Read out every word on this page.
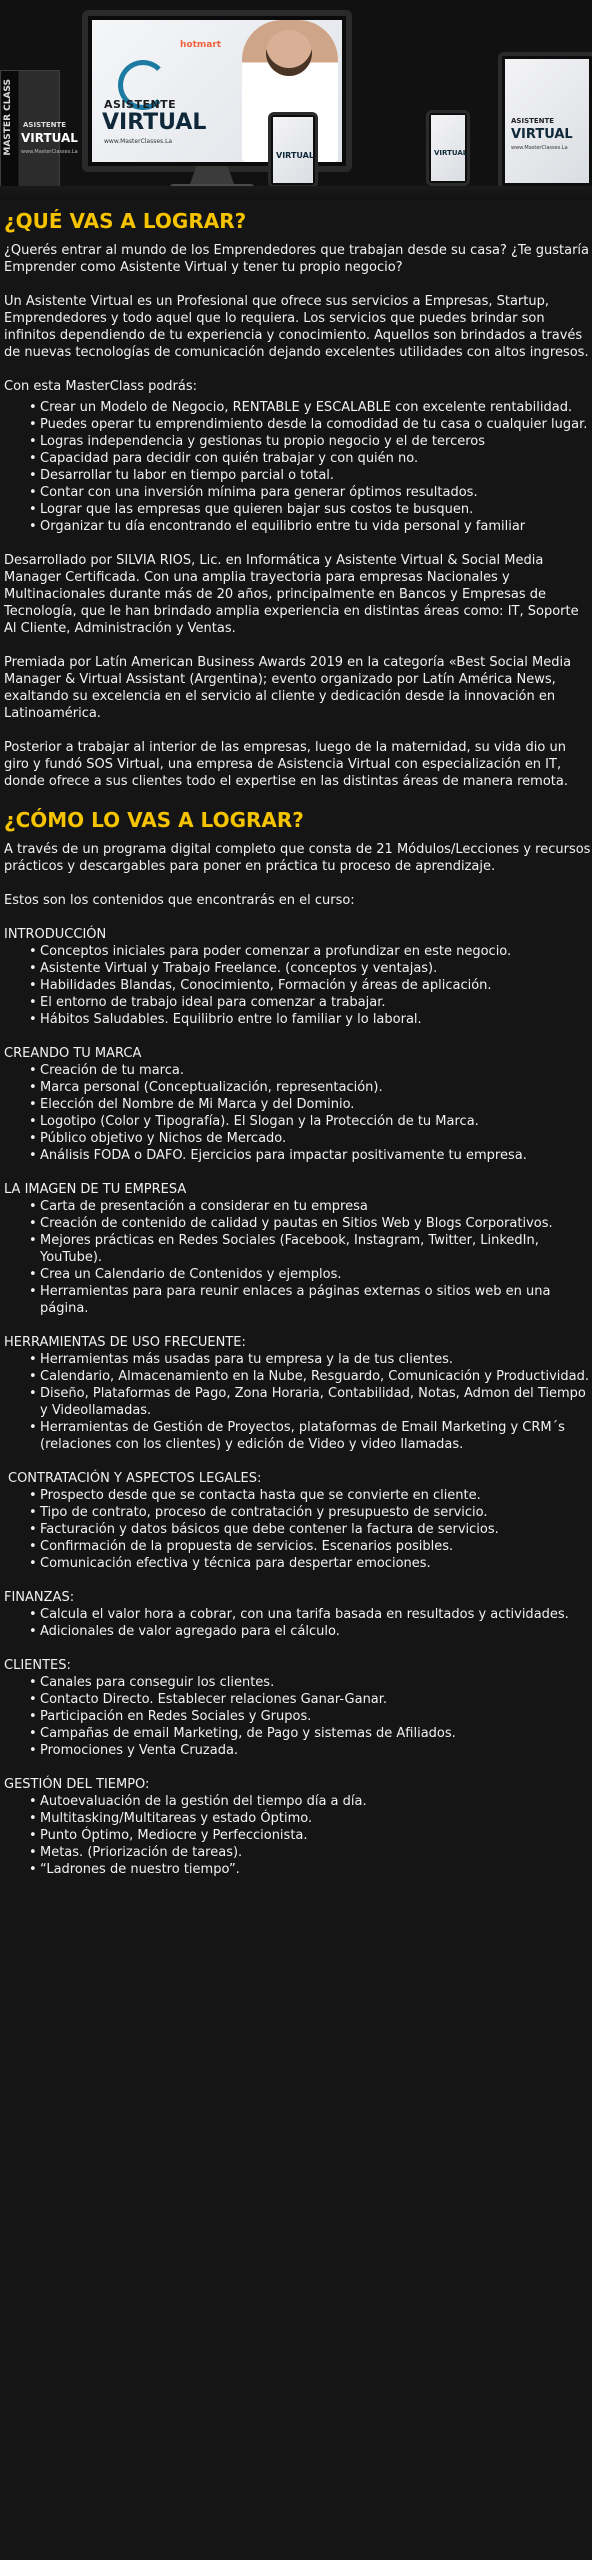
MASTER CLASS ASISTENTE
VIRTUAL
www.MasterClasses.La
hotmart
ASISTENTE
VIRTUAL
www.MasterClasses.La
VIRTUAL	VIRTUAL
ASISTENTE
VIRTUAL
www.MasterClasses.La
¿QUÉ VAS A LOGRAR?

¿Querés entrar al mundo de los Emprendedores que trabajan desde su casa? ¿Te gustaría Emprender como Asistente Virtual y tener tu propio negocio?

Un Asistente Virtual es un Profesional que ofrece sus servicios a Empresas, Startup, Emprendedores y todo aquel que lo requiera. Los servicios que puedes brindar son infinitos dependiendo de tu experiencia y conocimiento. Aquellos son brindados a través de nuevas tecnologías de comunicación dejando excelentes utilidades con altos ingresos.

Con esta MasterClass podrás:

• Crear un Modelo de Negocio, RENTABLE y ESCALABLE con excelente rentabilidad.
• Puedes operar tu emprendimiento desde la comodidad de tu casa o cualquier lugar.
• Logras independencia y gestionas tu propio negocio y el de terceros
• Capacidad para decidir con quién trabajar y con quién no.
• Desarrollar tu labor en tiempo parcial o total.
• Contar con una inversión mínima para generar óptimos resultados.
• Lograr que las empresas que quieren bajar sus costos te busquen.
• Organizar tu día encontrando el equilibrio entre tu vida personal y familiar

Desarrollado por SILVIA RIOS, Lic. en Informática y Asistente Virtual & Social Media Manager Certificada. Con una amplia trayectoria para empresas Nacionales y Multinacionales durante más de 20 años, principalmente en Bancos y Empresas de Tecnología, que le han brindado amplia experiencia en distintas áreas como: IT, Soporte Al Cliente, Administración y Ventas.

Premiada por Latín American Business Awards 2019 en la categoría «Best Social Media Manager & Virtual Assistant (Argentina); evento organizado por Latín América News, exaltando su excelencia en el servicio al cliente y dedicación desde la innovación en Latinoamérica.

Posterior a trabajar al interior de las empresas, luego de la maternidad, su vida dio un giro y fundó SOS Virtual, una empresa de Asistencia Virtual con especialización en IT, donde ofrece a sus clientes todo el expertise en las distintas áreas de manera remota.

¿CÓMO LO VAS A LOGRAR?

A través de un programa digital completo que consta de 21 Módulos/Lecciones y recursos prácticos y descargables para poner en práctica tu proceso de aprendizaje.

Estos son los contenidos que encontrarás en el curso:

INTRODUCCIÓN
• Conceptos iniciales para poder comenzar a profundizar en este negocio.
• Asistente Virtual y Trabajo Freelance. (conceptos y ventajas).
• Habilidades Blandas, Conocimiento, Formación y áreas de aplicación.
• El entorno de trabajo ideal para comenzar a trabajar.
• Hábitos Saludables. Equilibrio entre lo familiar y lo laboral.
CREANDO TU MARCA
• Creación de tu marca.
• Marca personal (Conceptualización, representación).
• Elección del Nombre de Mi Marca y del Dominio.
• Logotipo (Color y Tipografía). El Slogan y la Protección de tu Marca.
• Público objetivo y Nichos de Mercado.
• Análisis FODA o DAFO. Ejercicios para impactar positivamente tu empresa.
LA IMAGEN DE TU EMPRESA
• Carta de presentación a considerar en tu empresa
• Creación de contenido de calidad y pautas en Sitios Web y Blogs Corporativos.
• Mejores prácticas en Redes Sociales (Facebook, Instagram, Twitter, LinkedIn, YouTube).
• Crea un Calendario de Contenidos y ejemplos.
• Herramientas para para reunir enlaces a páginas externas o sitios web en una página.
HERRAMIENTAS DE USO FRECUENTE:
• Herramientas más usadas para tu empresa y la de tus clientes.
• Calendario, Almacenamiento en la Nube, Resguardo, Comunicación y Productividad.
• Diseño, Plataformas de Pago, Zona Horaria, Contabilidad, Notas, Admon del Tiempo y Videollamadas.
• Herramientas de Gestión de Proyectos, plataformas de Email Marketing y CRM´s (relaciones con los clientes) y edición de Video y video llamadas.
CONTRATACIÓN Y ASPECTOS LEGALES:
• Prospecto desde que se contacta hasta que se convierte en cliente.
• Tipo de contrato, proceso de contratación y presupuesto de servicio.
• Facturación y datos básicos que debe contener la factura de servicios.
• Confirmación de la propuesta de servicios. Escenarios posibles.
• Comunicación efectiva y técnica para despertar emociones.
FINANZAS:
• Calcula el valor hora a cobrar, con una tarifa basada en resultados y actividades.
• Adicionales de valor agregado para el cálculo.
CLIENTES:
• Canales para conseguir los clientes.
• Contacto Directo. Establecer relaciones Ganar-Ganar.
• Participación en Redes Sociales y Grupos.
• Campañas de email Marketing, de Pago y sistemas de Afiliados.
• Promociones y Venta Cruzada.
GESTIÓN DEL TIEMPO:
• Autoevaluación de la gestión del tiempo día a día.
• Multitasking/Multitareas y estado Óptimo.
• Punto Óptimo, Mediocre y Perfeccionista.
• Metas. (Priorización de tareas).
• “Ladrones de nuestro tiempo”.
